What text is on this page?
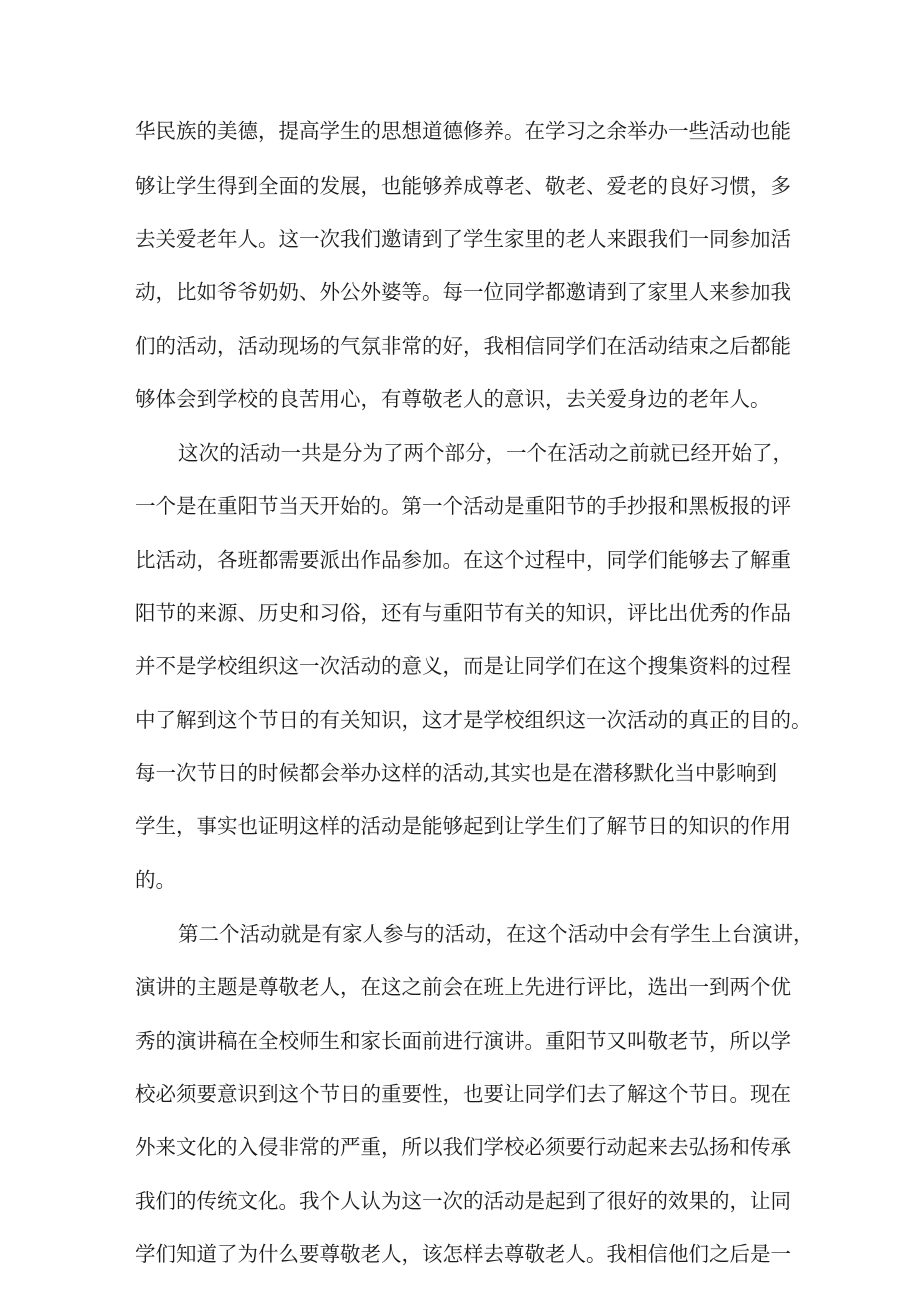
华民族的美德，提高学生的思想道德修养。在学习之余举办一些活动也能
够让学生得到全面的发展，也能够养成尊老、敬老、爱老的良好习惯，多
去关爱老年人。这一次我们邀请到了学生家里的老人来跟我们一同参加活
动，比如爷爷奶奶、外公外婆等。每一位同学都邀请到了家里人来参加我
们的活动，活动现场的气氛非常的好，我相信同学们在活动结束之后都能
够体会到学校的良苦用心，有尊敬老人的意识，去关爱身边的老年人。
这次的活动一共是分为了两个部分，一个在活动之前就已经开始了，
一个是在重阳节当天开始的。第一个活动是重阳节的手抄报和黑板报的评
比活动，各班都需要派出作品参加。在这个过程中，同学们能够去了解重
阳节的来源、历史和习俗，还有与重阳节有关的知识，评比出优秀的作品
并不是学校组织这一次活动的意义，而是让同学们在这个搜集资料的过程
中了解到这个节日的有关知识，这才是学校组织这一次活动的真正的目的。
每一次节日的时候都会举办这样的活动,其实也是在潜移默化当中影响到
学生，事实也证明这样的活动是能够起到让学生们了解节日的知识的作用
的。
第二个活动就是有家人参与的活动，在这个活动中会有学生上台演讲，
演讲的主题是尊敬老人，在这之前会在班上先进行评比，选出一到两个优
秀的演讲稿在全校师生和家长面前进行演讲。重阳节又叫敬老节，所以学
校必须要意识到这个节日的重要性，也要让同学们去了解这个节日。现在
外来文化的入侵非常的严重，所以我们学校必须要行动起来去弘扬和传承
我们的传统文化。我个人认为这一次的活动是起到了很好的效果的，让同
学们知道了为什么要尊敬老人，该怎样去尊敬老人。我相信他们之后是一
